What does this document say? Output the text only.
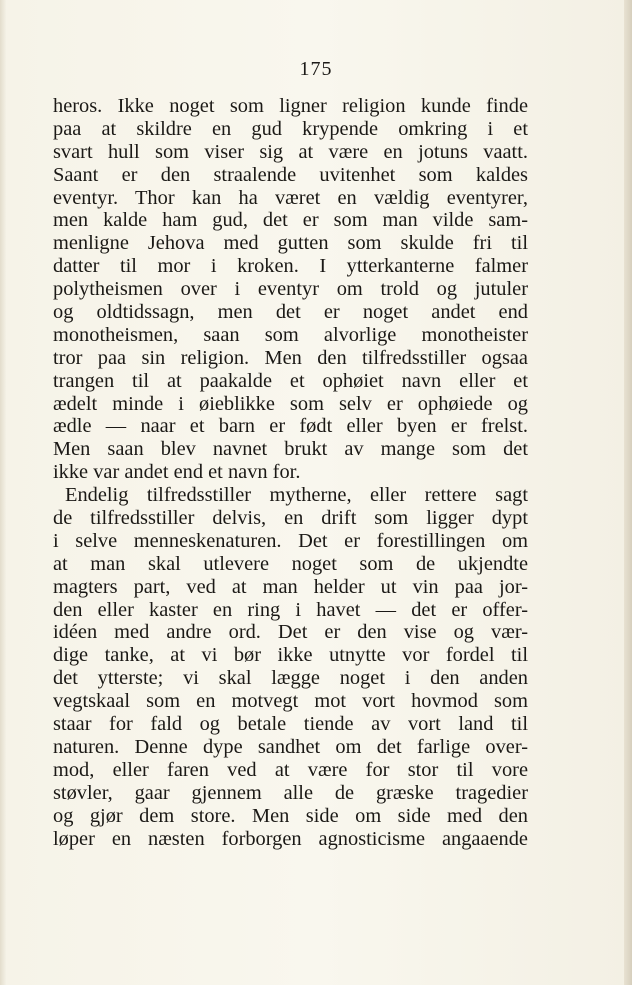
175
heros. Ikke noget som ligner religion kunde finde
paa at skildre en gud krypende omkring i et
svart hull som viser sig at være en jotuns vaatt.
Saant er den straalende uvitenhet som kaldes
eventyr. Thor kan ha været en vældig eventyrer,
men kalde ham gud, det er som man vilde sam-
menligne Jehova med gutten som skulde fri til
datter til mor i kroken. I ytterkanterne falmer
polytheismen over i eventyr om trold og jutuler
og oldtidssagn, men det er noget andet end
monotheismen, saan som alvorlige monotheister
tror paa sin religion. Men den tilfredsstiller ogsaa
trangen til at paakalde et ophøiet navn eller et
ædelt minde i øieblikke som selv er ophøiede og
ædle — naar et barn er født eller byen er frelst.
Men saan blev navnet brukt av mange som det
ikke var andet end et navn for.
Endelig tilfredsstiller mytherne, eller rettere sagt
de tilfredsstiller delvis, en drift som ligger dypt
i selve menneskenaturen. Det er forestillingen om
at man skal utlevere noget som de ukjendte
magters part, ved at man helder ut vin paa jor-
den eller kaster en ring i havet — det er offer-
idéen med andre ord. Det er den vise og vær-
dige tanke, at vi bør ikke utnytte vor fordel til
det ytterste; vi skal lægge noget i den anden
vegtskaal som en motvegt mot vort hovmod som
staar for fald og betale tiende av vort land til
naturen. Denne dype sandhet om det farlige over-
mod, eller faren ved at være for stor til vore
støvler, gaar gjennem alle de græske tragedier
og gjør dem store. Men side om side med den
løper en næsten forborgen agnosticisme angaaende
